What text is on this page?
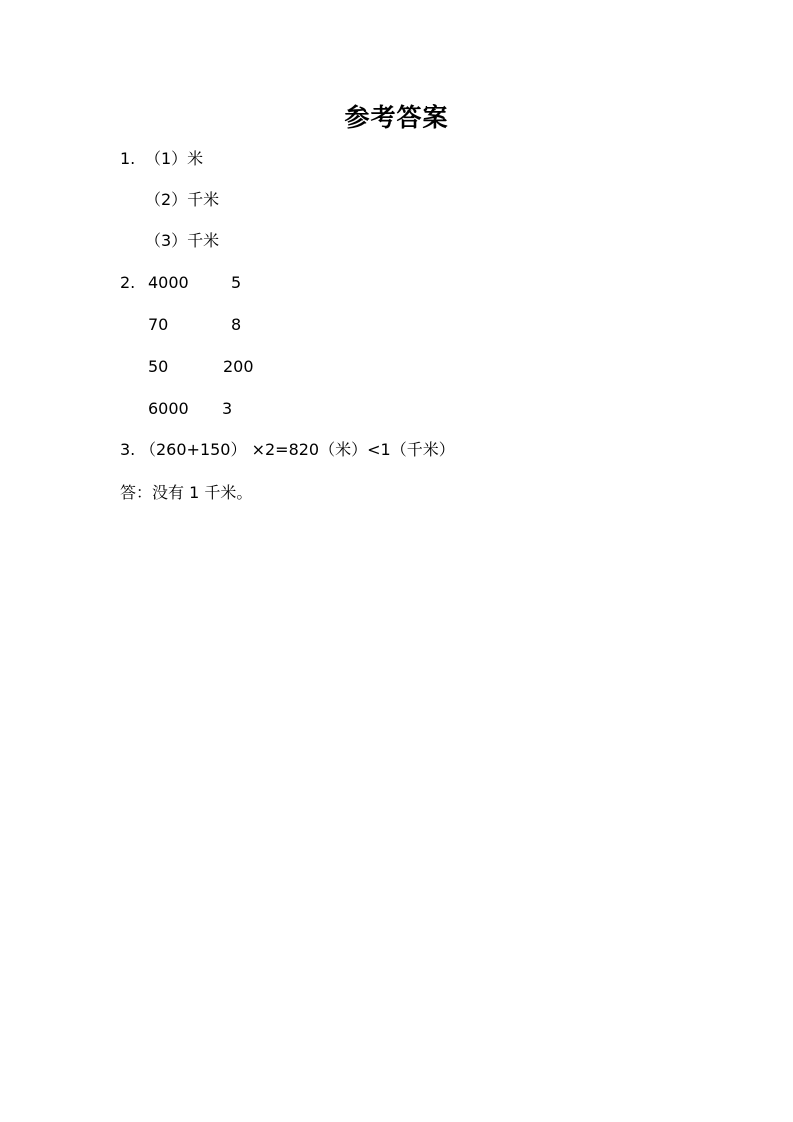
参考答案
1. （1）米
（2）千米
（3）千米
2. 4000	5
70	8
50	200
6000 3
3. （260+150） ×2=820（米）<1（千米）
答：没有 1 千米。
